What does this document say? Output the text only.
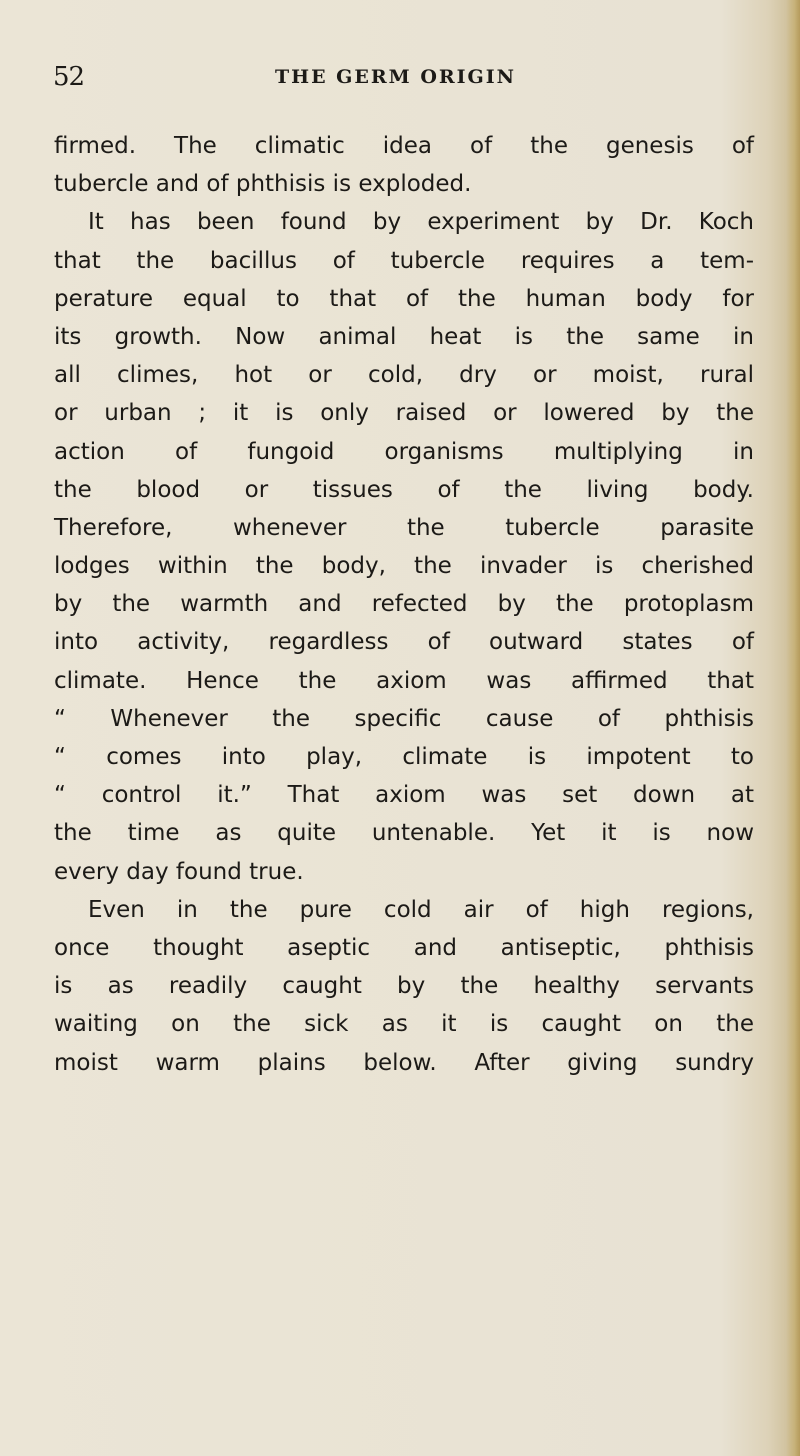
52	THE GERM ORIGIN
firmed. The climatic idea of the genesis of
tubercle and of phthisis is exploded.
It has been found by experiment by Dr. Koch
that the bacillus of tubercle requires a tem-
perature equal to that of the human body for
its growth. Now animal heat is the same in
all climes, hot or cold, dry or moist, rural
or urban ; it is only raised or lowered by the
action of fungoid organisms multiplying in
the blood or tissues of the living body.
Therefore, whenever the tubercle parasite
lodges within the body, the invader is cherished
by the warmth and refected by the protoplasm
into activity, regardless of outward states of
climate. Hence the axiom was affirmed that
“ Whenever the specific cause of phthisis
“ comes into play, climate is impotent to
“ control it.” That axiom was set down at
the time as quite untenable. Yet it is now
every day found true.
Even in the pure cold air of high regions,
once thought aseptic and antiseptic, phthisis
is as readily caught by the healthy servants
waiting on the sick as it is caught on the
moist warm plains below. After giving sundry
